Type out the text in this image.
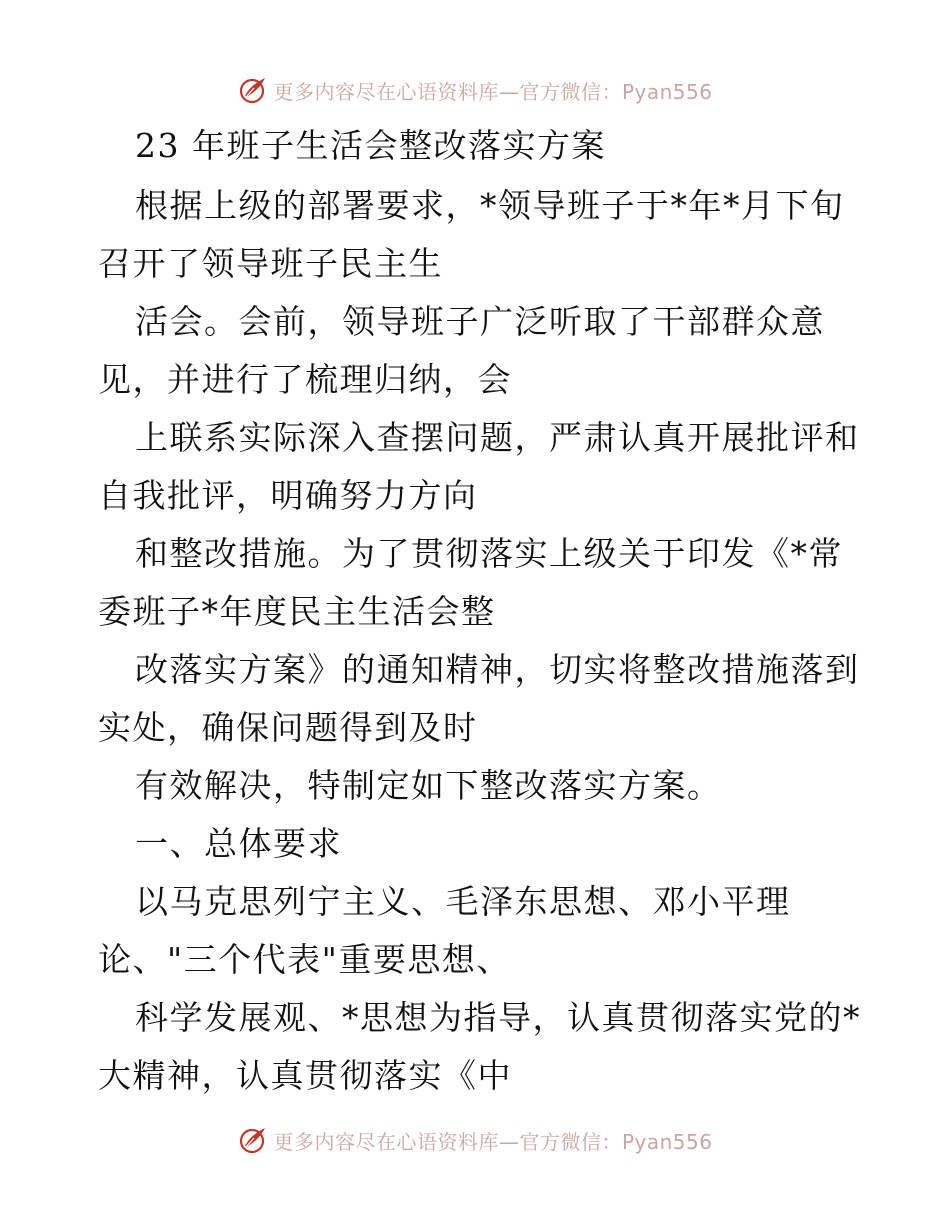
更多内容尽在心语资料库—官方微信：Pyan556
23 年班子生活会整改落实方案
根据上级的部署要求，*领导班子于*年*月下旬
召开了领导班子民主生
活会。会前，领导班子广泛听取了干部群众意
见，并进行了梳理归纳，会
上联系实际深入查摆问题，严肃认真开展批评和
自我批评，明确努力方向
和整改措施。为了贯彻落实上级关于印发《*常
委班子*年度民主生活会整
改落实方案》的通知精神，切实将整改措施落到
实处，确保问题得到及时
有效解决，特制定如下整改落实方案。
一、总体要求
以马克思列宁主义、毛泽东思想、邓小平理
论、"三个代表"重要思想、
科学发展观、*思想为指导，认真贯彻落实党的*
大精神，认真贯彻落实《中
更多内容尽在心语资料库—官方微信：Pyan556
